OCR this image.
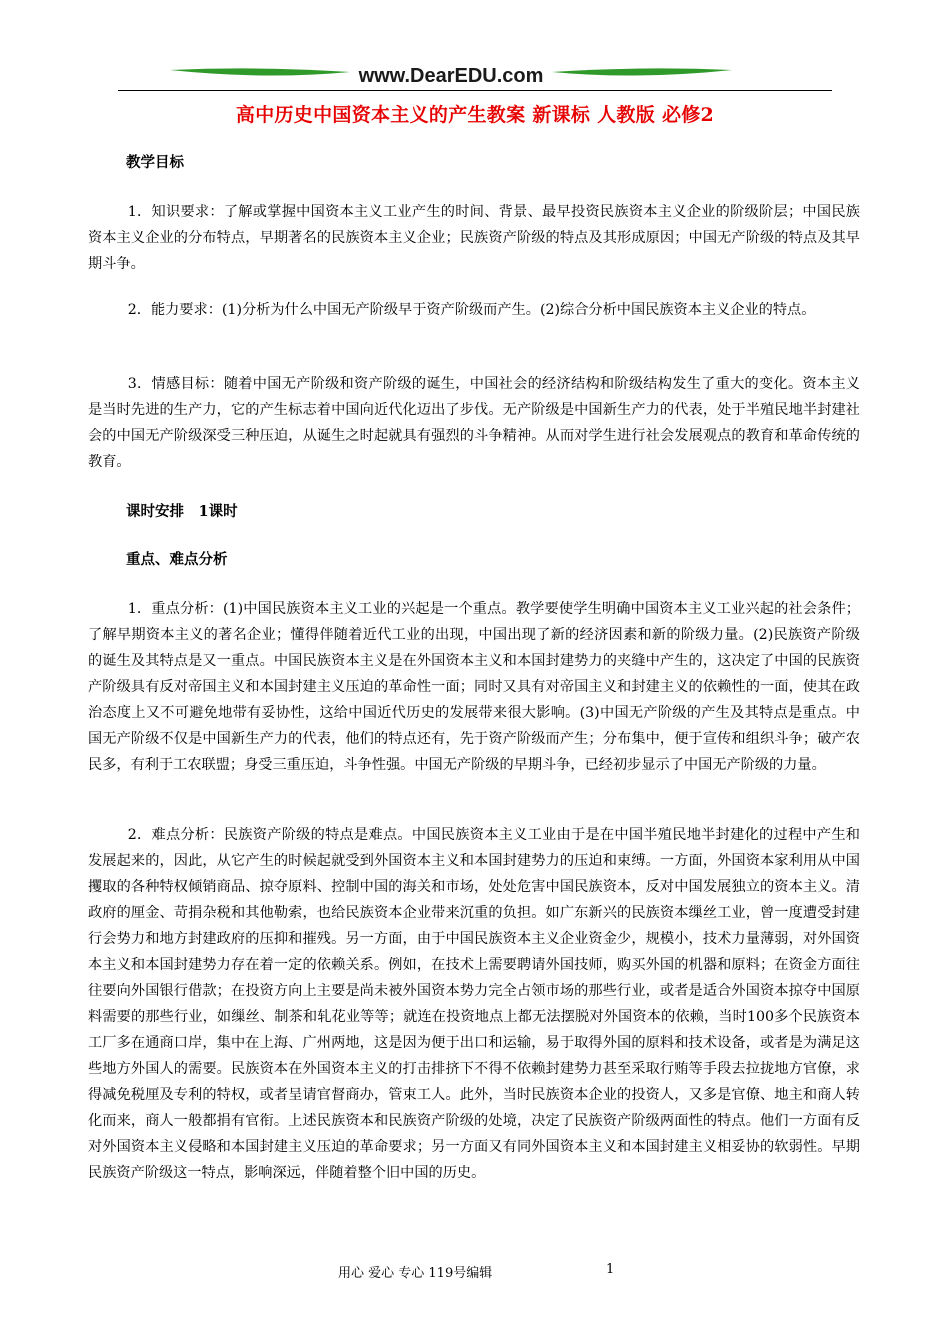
www.DearEDU.com
高中历史中国资本主义的产生教案 新课标 人教版 必修2
教学目标

1．知识要求：了解或掌握中国资本主义工业产生的时间、背景、最早投资民族资本主义企业的阶级阶层；中国民族资本主义企业的分布特点，早期著名的民族资本主义企业；民族资产阶级的特点及其形成原因；中国无产阶级的特点及其早期斗争。

2．能力要求：(1)分析为什么中国无产阶级早于资产阶级而产生。(2)综合分析中国民族资本主义企业的特点。

3．情感目标：随着中国无产阶级和资产阶级的诞生，中国社会的经济结构和阶级结构发生了重大的变化。资本主义是当时先进的生产力，它的产生标志着中国向近代化迈出了步伐。无产阶级是中国新生产力的代表，处于半殖民地半封建社会的中国无产阶级深受三种压迫，从诞生之时起就具有强烈的斗争精神。从而对学生进行社会发展观点的教育和革命传统的教育。

课时安排　1课时
重点、难点分析

1．重点分析：(1)中国民族资本主义工业的兴起是一个重点。教学要使学生明确中国资本主义工业兴起的社会条件；了解早期资本主义的著名企业；懂得伴随着近代工业的出现，中国出现了新的经济因素和新的阶级力量。(2)民族资产阶级的诞生及其特点是又一重点。中国民族资本主义是在外国资本主义和本国封建势力的夹缝中产生的，这决定了中国的民族资产阶级具有反对帝国主义和本国封建主义压迫的革命性一面；同时又具有对帝国主义和封建主义的依赖性的一面，使其在政治态度上又不可避免地带有妥协性，这给中国近代历史的发展带来很大影响。(3)中国无产阶级的产生及其特点是重点。中国无产阶级不仅是中国新生产力的代表，他们的特点还有，先于资产阶级而产生；分布集中，便于宣传和组织斗争；破产农民多，有利于工农联盟；身受三重压迫，斗争性强。中国无产阶级的早期斗争，已经初步显示了中国无产阶级的力量。

2．难点分析：民族资产阶级的特点是难点。中国民族资本主义工业由于是在中国半殖民地半封建化的过程中产生和发展起来的，因此，从它产生的时候起就受到外国资本主义和本国封建势力的压迫和束缚。一方面，外国资本家利用从中国攫取的各种特权倾销商品、掠夺原料、控制中国的海关和市场，处处危害中国民族资本，反对中国发展独立的资本主义。清政府的厘金、苛捐杂税和其他勒索，也给民族资本企业带来沉重的负担。如广东新兴的民族资本缫丝工业，曾一度遭受封建行会势力和地方封建政府的压抑和摧残。另一方面，由于中国民族资本主义企业资金少，规模小，技术力量薄弱，对外国资本主义和本国封建势力存在着一定的依赖关系。例如，在技术上需要聘请外国技师，购买外国的机器和原料；在资金方面往往要向外国银行借款；在投资方向上主要是尚未被外国资本势力完全占领市场的那些行业，或者是适合外国资本掠夺中国原料需要的那些行业，如缫丝、制茶和轧花业等等；就连在投资地点上都无法摆脱对外国资本的依赖，当时100多个民族资本工厂多在通商口岸，集中在上海、广州两地，这是因为便于出口和运输，易于取得外国的原料和技术设备，或者是为满足这些地方外国人的需要。民族资本在外国资本主义的打击排挤下不得不依赖封建势力甚至采取行贿等手段去拉拢地方官僚，求得减免税厘及专利的特权，或者呈请官督商办，管束工人。此外，当时民族资本企业的投资人，又多是官僚、地主和商人转化而来，商人一般都捐有官衔。上述民族资本和民族资产阶级的处境，决定了民族资产阶级两面性的特点。他们一方面有反对外国资本主义侵略和本国封建主义压迫的革命要求；另一方面又有同外国资本主义和本国封建主义相妥协的软弱性。早期民族资产阶级这一特点，影响深远，伴随着整个旧中国的历史。

用心 爱心 专心 119号编辑	1
